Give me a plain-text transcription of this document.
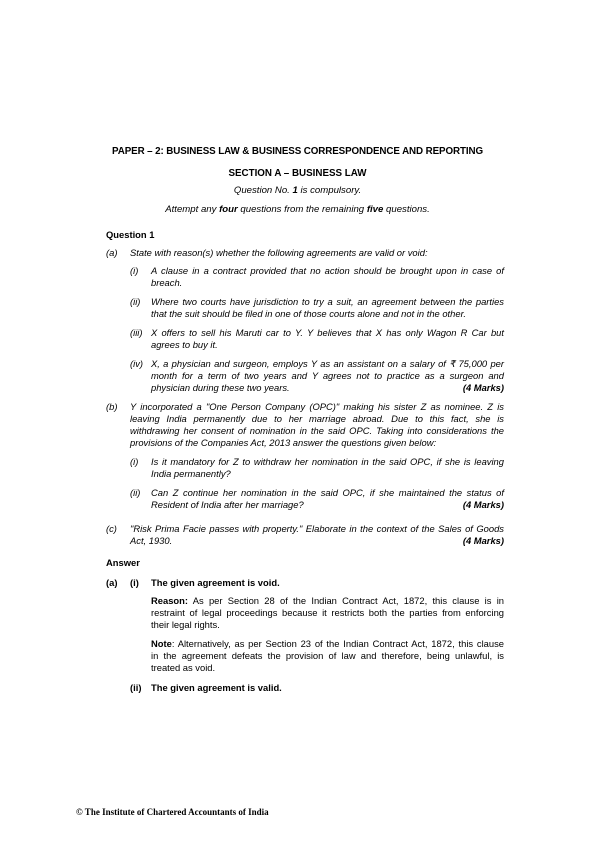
PAPER – 2: BUSINESS LAW & BUSINESS CORRESPONDENCE AND REPORTING
SECTION A – BUSINESS LAW
Question No. 1 is compulsory.
Attempt any four questions from the remaining five questions.
Question 1
(a) State with reason(s) whether the following agreements are valid or void:
(i) A clause in a contract provided that no action should be brought upon in case of
breach.
(ii) Where two courts have jurisdiction to try a suit, an agreement between the parties
that the suit should be filed in one of those courts alone and not in the other.
(iii) X offers to sell his Maruti car to Y. Y believes that X has only Wagon R Car but
agrees to buy it.
(iv) X, a physician and surgeon, employs Y as an assistant on a salary of ₹ 75,000 per
month for a term of two years and Y agrees not to practice as a surgeon and
physician during these two years.	(4 Marks)
(b) Y incorporated a "One Person Company (OPC)" making his sister Z as nominee. Z is
leaving India permanently due to her marriage abroad. Due to this fact, she is
withdrawing her consent of nomination in the said OPC. Taking into considerations the
provisions of the Companies Act, 2013 answer the questions given below:
(i) Is it mandatory for Z to withdraw her nomination in the said OPC, if she is leaving
India permanently?
(ii) Can Z continue her nomination in the said OPC, if she maintained the status of
Resident of India after her marriage?	(4 Marks)
(c) "Risk Prima Facie passes with property." Elaborate in the context of the Sales of Goods
Act, 1930.	(4 Marks)
Answer
(a) (i) The given agreement is void.
Reason: As per Section 28 of the Indian Contract Act, 1872, this clause is in
restraint of legal proceedings because it restricts both the parties from enforcing
their legal rights.
Note: Alternatively, as per Section 23 of the Indian Contract Act, 1872, this clause
in the agreement defeats the provision of law and therefore, being unlawful, is
treated as void.
(ii) The given agreement is valid.
© The Institute of Chartered Accountants of India
